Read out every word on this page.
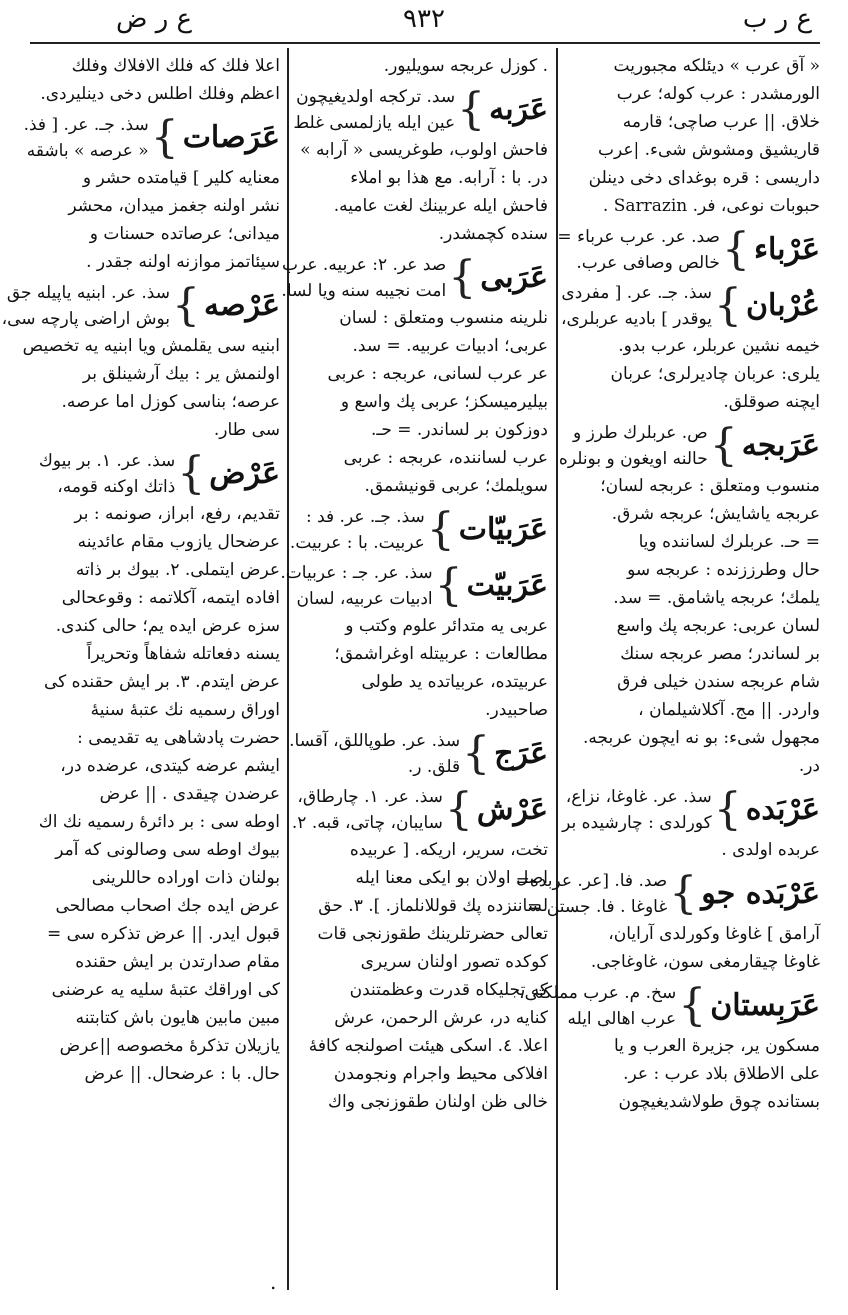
ع ر ب
٩٣٢
ع ر ض
« آق عرب » دیئلكه مجبوریت
الورمشدر : عرب كوله؛ عرب
خلاق. || عرب صاچی؛ قارمه
قاریشیق ومشوش شیء. |عرب
داریسی : قره بوغدای دخی دینلن
حبوبات نوعی، فر. Sarrazin .
عَرْباء
}
صد. عر. عرب عرباء =
خالص وصافی عرب.
عُرْبان
}
سذ. جـ. عر. [ مفردی
یوقدر ] بادیه عربلری،
خیمه نشین عربلر، عرب بدو.
یلری: عربان چادیرلری؛ عربان
ایچنه صوقلق.
عَرَبجه
}
ص. عربلرك طرز و
حالنه اویغون و بونلره
منسوب ومتعلق : عربجه لسان؛
عربجه یاشایش؛ عربجه شرق.
= حـ. عربلرك لساننده ویا
حال وطرززنده : عربجه سو
یلمك؛ عربجه یاشامق. = سد.
لسان عربی: عربجه پك واسع
بر لساندر؛ مصر عربجه سنك
شام عربجه سندن خیلی فرق
واردر. || مج. آكلاشیلمان ،
مجهول شیء: بو نه ایچون عربجه.
در.
عَرْبَده
}
سذ. عر. غاوغا، نزاع،
كورلدی : چارشیده بر
عربده اولدی .
عَرْبَده جو
}
صد. فا. [عر. عربده=
غاوغا . فا. جستن =
آرامق ] غاوغا وكورلدی آرایان،
غاوغا چیقارمغی سون، غاوغاجی.
عَرَبِستان
}
سخ. م. عرب مملكتی،
عرب اهالی ایله
مسكون یر، جزیرة العرب و یا
علی الاطلاق بلاد عرب : عر.
بستانده چوق طولاشدیغیچون
. كوزل عربجه سویلیور.
عَرَبه
}
سد. تركجه اولدیغیچون
عین ایله یازلمسی غلط
فاحش اولوب، طوغریسی « آرابه »
در. با : آرابه. مع هذا بو املاء
فاحش ایله عربینك لغت عامیه.
سنده كچمشدر.
عَرَبی
}
صد عر. ٢: عربیه. عرب
امت نجیبه سنه ویا لسا.
نلرینه منسوب ومتعلق : لسان
عربی؛ ادبیات عربیه. = سد.
عر عرب لسانی، عربجه : عربی
بیلیرمیسكز؛ عربی پك واسع و
دوزكون بر لساندر. = حـ.
عرب لساننده، عربجه : عربی
سویلمك؛ عربی قونیشمق.
عَرَبیّات
}
سذ. جـ. عر. فد :
عربیت. با : عربیت.
عَرَبیّت
}
سذ. عر. جـ : عربیات.
ادبیات عربیه، لسان
عربی یه متدائر علوم وكتب و
مطالعات : عربیتله اوغراشمق؛
عربیتده، عربیاتده ید طولی
صاحبیدر.
عَرَج
}
سذ. عر. طوپاللق، آقسا.
قلق. ر.
عَرْش
}
سذ. عر. ١. چارطاق،
سایبان، چاتی، قبه. ٢.
تخت، سریر، اریكه. [ عربیده
اصل اولان بو ایكی معنا ایله
لساننزده پك قوللانلماز. ]. ٣. حق
تعالی حضرتلرینك طقوزنجی قات
كوكده تصور اولنان سریری
كه تجلیكاه قدرت وعظمتندن
كنایه در، عرش الرحمن، عرش
اعلا. ٤. اسكی هیئت اصولنجه كافهٔ
افلاكی محیط واجرام ونجومدن
خالی ظن اولنان طقوزنجی واك
اعلا فلك كه فلك الافلاك وفلك
اعظم وفلك اطلس دخی دینلیردی.
عَرَصات
}
سذ. جـ. عر. [ فذ.
« عرصه » باشقه
معنایه كلیر ] قیامتده حشر و
نشر اولنه جغمز میدان، محشر
میدانی؛ عرصاتده حسنات و
سیئاتمز موازنه اولنه جقدر .
عَرْصه
}
سذ. عر. ابنیه یاپیله جق
بوش اراضی پارچه سی،
ابنیه سی یقلمش ویا ابنیه یه تخصیص
اولنمش یر : بیك آرشینلق بر
عرصه؛ بناسی كوزل اما عرصه.
سی طار.
عَرْض
}
سذ. عر. ١. بر بیوك
ذاتك اوكنه قومه،
تقدیم، رفع، ابراز، صونمه : بر
عرضحال یازوب مقام عائدینه
عرض ایتملی. ٢. بیوك بر ذاته
افاده ایتمه، آكلاتمه : وقوعحالی
سزه عرض ایده یم؛ حالی كندی.
یسنه دفعاتله شفاهاً وتحریراً
عرض ایتدم. ٣. بر ایش حقنده كی
اوراق رسمیه نك عتبهٔ سنیهٔ
حضرت پادشاهی یه تقدیمی :
ایشم عرضه كیتدی، عرضده در،
عرضدن چیقدی . || عرض
اوطه سی : بر دائرهٔ رسمیه نك اك
بیوك اوطه سی وصالونی كه آمر
بولنان ذات اوراده حاللرینی
عرض ایده جك اصحاب مصالحی
قبول ایدر. || عرض تذكره سی =
مقام صدارتدن بر ایش حقنده
كی اوراقك عتبهٔ سلیه یه عرضنی
مبین مابین هایون باش كتابتنه
یازیلان تذكرهٔ مخصوصه ||عرض
حال. با : عرضحال. || عرض
.
